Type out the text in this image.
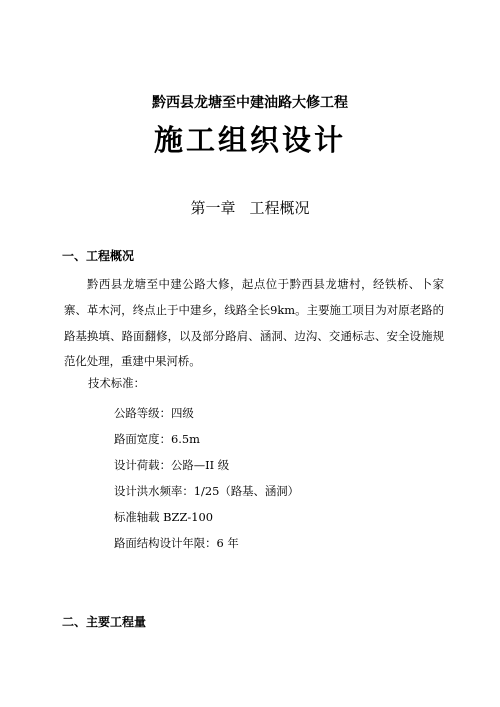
黔西县龙塘至中建油路大修工程
施工组织设计
第一章 工程概况
一、工程概况

黔西县龙塘至中建公路大修，起点位于黔西县龙塘村，经铁桥、卜家寨、革木河，终点止于中建乡，线路全长9km。主要施工项目为对原老路的路基换填、路面翻修，以及部分路肩、涵洞、边沟、交通标志、安全设施规范化处理，重建中果河桥。

技术标准：
公路等级：四级
路面宽度：6.5m
设计荷载：公路—II 级
设计洪水频率：1/25（路基、涵洞）
标准轴载 BZZ-100
路面结构设计年限：6 年
二、主要工程量
